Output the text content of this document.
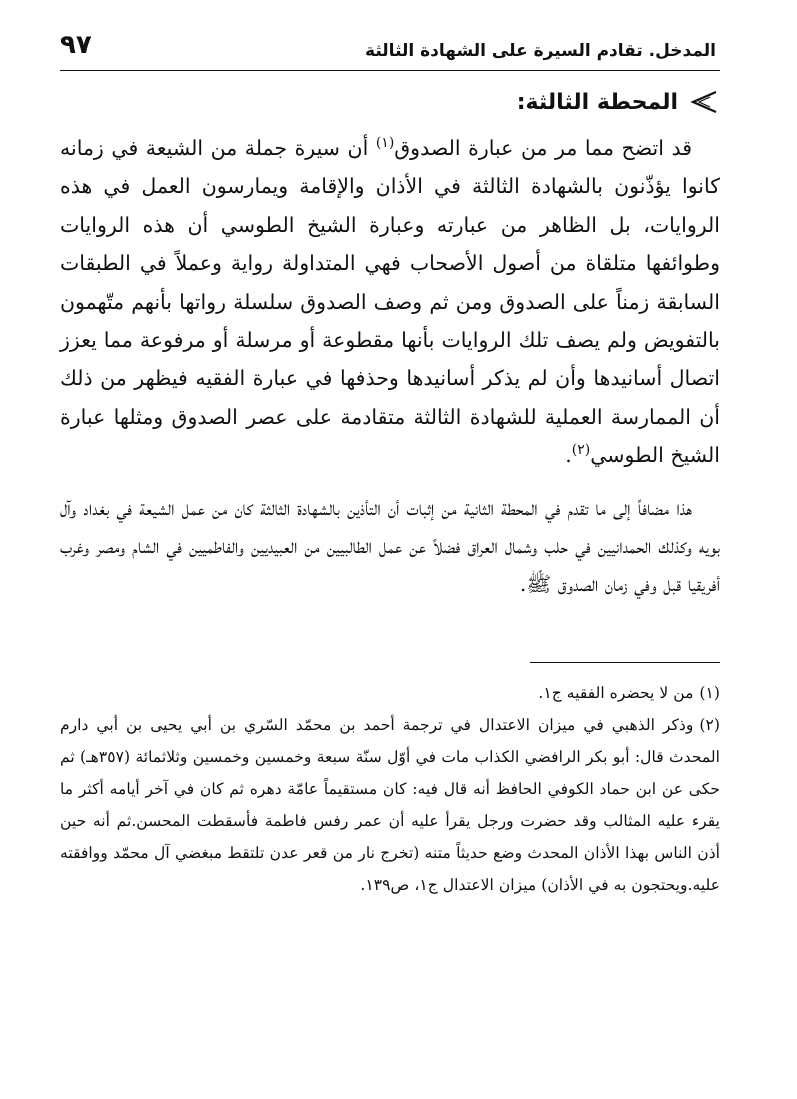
المدخل. تقادم السيرة على الشهادة الثالثة
٩٧
المحطة الثالثة:

قد اتضح مما مر من عبارة الصدوق$^{(١)}$ أن سيرة جملة من الشيعة في زمانه كانوا يؤذّنون بالشهادة الثالثة في الأذان والإقامة ويمارسون العمل في هذه الروايات، بل الظاهر من عبارته وعبارة الشيخ الطوسي أن هذه الروايات وطوائفها متلقاة من أصول الأصحاب فهي المتداولة رواية وعملاً في الطبقات السابقة زمناً على الصدوق ومن ثم وصف الصدوق سلسلة رواتها بأنهم متّهمون بالتفويض ولم يصف تلك الروايات بأنها مقطوعة أو مرسلة أو مرفوعة مما يعزز اتصال أسانيدها وأن لم يذكر أسانيدها وحذفها في عبارة الفقيه فيظهر من ذلك أن الممارسة العملية للشهادة الثالثة متقادمة على عصر الصدوق ومثلها عبارة الشيخ الطوسي$^{(٢)}$.

هذا مضافاً إلى ما تقدم في المحطة الثانية من إثبات أن التأذين بالشهادة الثالثة كان من عمل الشيعة في بغداد وآل بويه وكذلك الحمدانيين في حلب وشمال العراق فضلاً عن عمل الطالبيين من العبيديين والفاطميين في الشام ومصر وغرب أفريقيا قبل وفي زمان الصدوق ﷺ.

(١)من لا يحضره الفقيه ج١.

(٢)وذكر الذهبي في ميزان الاعتدال في ترجمة أحمد بن محمّد السّري بن أبي يحيى بن أبي دارم المحدث قال: أبو بكر الرافضي الكذاب مات في أوّل سنّة سبعة وخمسين وخمسين وثلاثمائة (٣٥٧هـ) ثم حكى عن ابن حماد الكوفي الحافظ أنه قال فيه: كان مستقيماً عامّة دهره ثم كان في آخر أيامه أكثر ما يقرء عليه المثالب وقد حضرت ورجل يقرأ عليه أن عمر رفس فاطمة فأسقطت المحسن.ثم أنه حين أذن الناس بهذا الأذان المحدث وضع حديثاً متنه (تخرج نار من قعر عدن تلتقط مبغضي آل محمّد ووافقته عليه.ويحتجون به في الأذان) ميزان الاعتدال ج١، ص١٣٩.
